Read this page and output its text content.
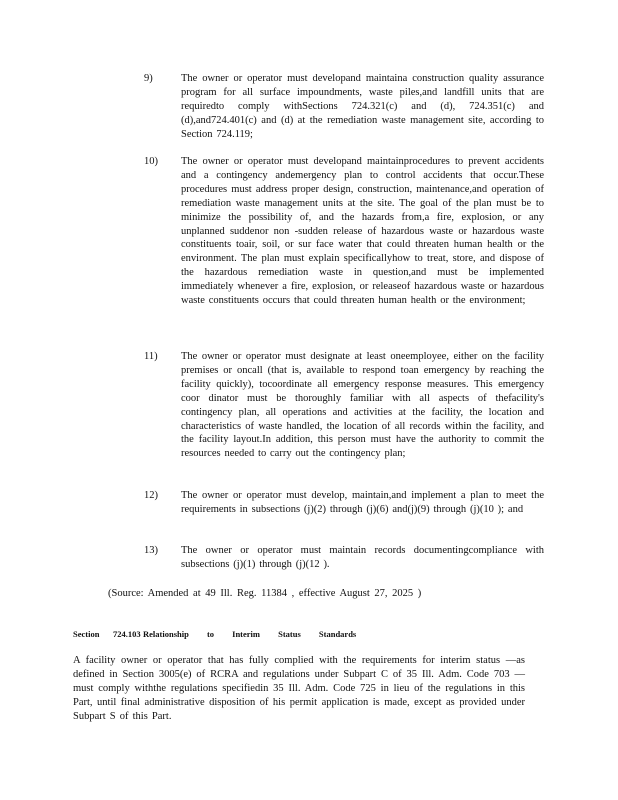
9)	The owner or operator must developand maintaina construction quality assurance program for all surface impoundments, waste piles,and landfill units that are requiredto comply withSections 724.321(c) and (d), 724.351(c) and (d),and724.401(c) and (d) at the remediation waste management site, according to Section 724.119;
10) The owner or operator must developand maintainprocedures to prevent accidents and a contingency andemergency plan to control accidents that occur.These procedures must address proper design, construction, maintenance,and operation of remediation waste management units at the site. The goal of the plan must be to minimize the possibility of, and the hazards from,a fire, explosion, or any unplanned suddenor non -sudden release of hazardous waste or hazardous waste constituents toair, soil, or sur face water that could threaten human health or the environment. The plan must explain specificallyhow to treat, store, and dispose of the hazardous remediation waste in question,and must be implemented immediately whenever a fire, explosion, or releaseof hazardous waste or hazardous waste constituents occurs that could threaten human health or the environment;
11) The owner or operator must designate at least oneemployee, either on the facility premises or oncall (that is, available to respond toan emergency by reaching the facility quickly), tocoordinate all emergency response measures. This emergency coor dinator must be thoroughly familiar with all aspects of thefacility's contingency plan, all operations and activities at the facility, the location and characteristics of waste handled, the location of all records within the facility, and the facility layout.In addition, this person must have the authority to commit the resources needed to carry out the contingency plan;
12) The owner or operator must develop, maintain,and implement a plan to meet the requirements in subsections (j)(2) through (j)(6) and(j)(9) through (j)(10 ); and
13) The owner or operator must maintain records documentingcompliance with subsections (j)(1) through (j)(12 ).
(Source: Amended at 49 Ill. Reg. 11384 , effective August 27, 2025 )
Section	724.103 Relationship to Interim Status Standards
A facility owner or operator that has fully complied with the requirements for interim status —as defined in Section 3005(e) of RCRA and regulations under Subpart C of 35 Ill. Adm. Code 703 —must comply withthe regulations specifiedin 35 Ill. Adm. Code 725 in lieu of the regulations in this Part, until final administrative disposition of his permit application is made, except as provided under Subpart S of this Part.
